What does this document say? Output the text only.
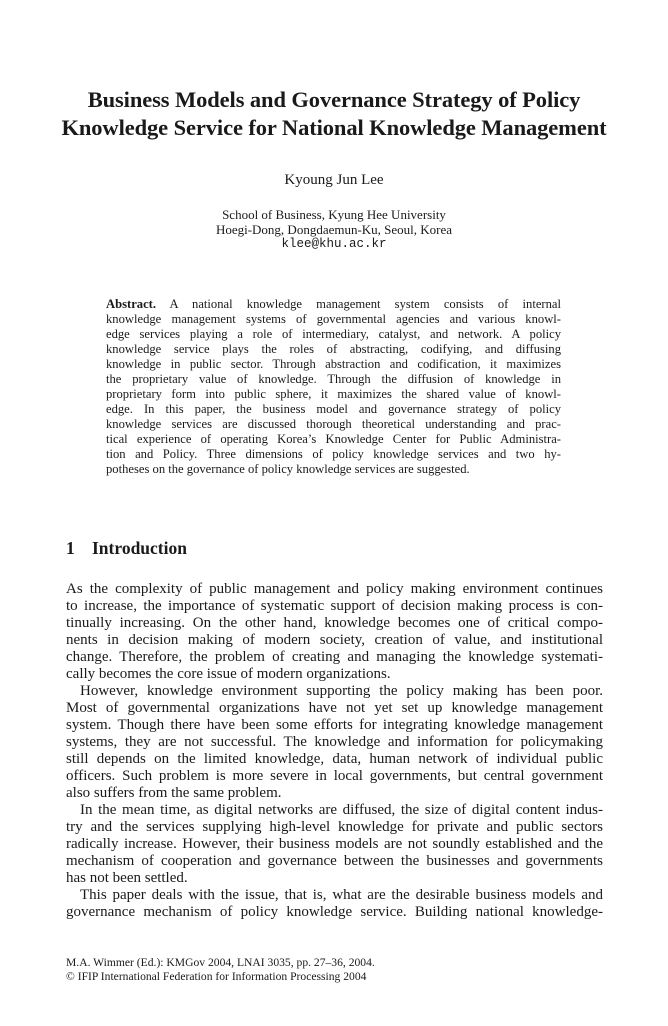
Business Models and Governance Strategy of Policy
Knowledge Service for National Knowledge Management
Kyoung Jun Lee
School of Business, Kyung Hee University
Hoegi-Dong, Dongdaemun-Ku, Seoul, Korea
klee@khu.ac.kr
Abstract. A national knowledge management system consists of internal
knowledge management systems of governmental agencies and various knowl-
edge services playing a role of intermediary, catalyst, and network. A policy
knowledge service plays the roles of abstracting, codifying, and diffusing
knowledge in public sector. Through abstraction and codification, it maximizes
the proprietary value of knowledge. Through the diffusion of knowledge in
proprietary form into public sphere, it maximizes the shared value of knowl-
edge. In this paper, the business model and governance strategy of policy
knowledge services are discussed thorough theoretical understanding and prac-
tical experience of operating Korea’s Knowledge Center for Public Administra-
tion and Policy. Three dimensions of policy knowledge services and two hy-
potheses on the governance of policy knowledge services are suggested.
1 Introduction
As the complexity of public management and policy making environment continues
to increase, the importance of systematic support of decision making process is con-
tinually increasing. On the other hand, knowledge becomes one of critical compo-
nents in decision making of modern society, creation of value, and institutional
change. Therefore, the problem of creating and managing the knowledge systemati-
cally becomes the core issue of modern organizations.
However, knowledge environment supporting the policy making has been poor.
Most of governmental organizations have not yet set up knowledge management
system. Though there have been some efforts for integrating knowledge management
systems, they are not successful. The knowledge and information for policymaking
still depends on the limited knowledge, data, human network of individual public
officers. Such problem is more severe in local governments, but central government
also suffers from the same problem.
In the mean time, as digital networks are diffused, the size of digital content indus-
try and the services supplying high-level knowledge for private and public sectors
radically increase. However, their business models are not soundly established and the
mechanism of cooperation and governance between the businesses and governments
has not been settled.
This paper deals with the issue, that is, what are the desirable business models and
governance mechanism of policy knowledge service. Building national knowledge-
M.A. Wimmer (Ed.): KMGov 2004, LNAI 3035, pp. 27–36, 2004.
© IFIP International Federation for Information Processing 2004
